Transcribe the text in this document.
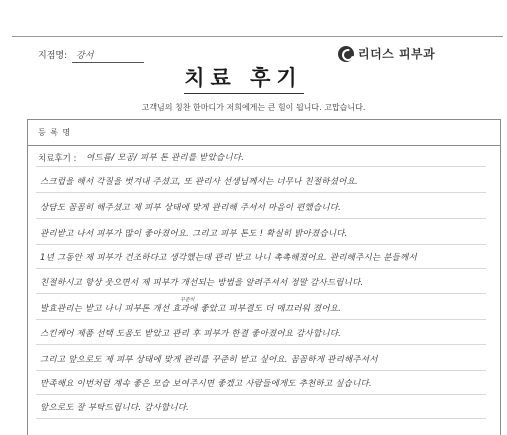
지점명: 강서	리더스 피부과
치료 후기
고객님의 칭찬 한마디가 저희에게는 큰 힘이 됩니다. 고맙습니다.
등 록 명
치료후기 : 여드름/ 모공/ 피부 톤 관리를 받았습니다.
스크럽을 해서 각질을 벗겨내 주셨고, 또 관리사 선생님께서는 너무나 친절하셨어요.
상담도 꼼꼼히 해주셨고 제 피부 상태에 맞게 관리해 주셔서 마음이 편했습니다.
관리받고 나서 피부가 많이 좋아졌어요. 그리고 피부 톤도 ! 확실히 밝아졌습니다.
1년 그동안 제 피부가 건조하다고 생각했는데 관리 받고 나니 촉촉해졌어요. 관리해주시는 분들께서
친절하시고 항상 웃으면서 제 피부가 개선되는 방법을 알려주셔서 정말 감사드립니다.
꾸준히
발효관리는 받고 나니 피부톤 개선 효과에 좋았고 피부결도 더 매끄러워 졌어요.
스킨케어 제품 선택 도움도 받았고 관리 후 피부가 한결 좋아졌어요 감사합니다.
그리고 앞으로도 제 피부 상태에 맞게 관리를 꾸준히 받고 싶어요. 꼼꼼하게 관리해주셔서
만족해요 이번처럼 계속 좋은 모습 보여주시면 좋겠고 사람들에게도 추천하고 싶습니다.
앞으로도 잘 부탁드립니다. 감사합니다.
